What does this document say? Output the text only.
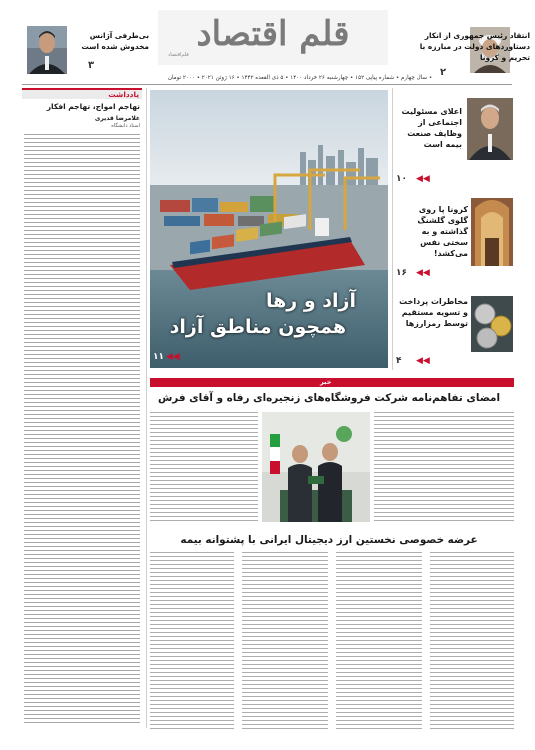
انتقاد رئیس جمهوری از انکار دستاوردهای دولت در مبارزه با تحریم و کرونا
۲
قلم اقتصاد
قلم‌اقتصاد
بی‌طرفی آژانس مخدوش شده است
۳
• سال چهارم • شماره پیاپی ۱۵۲ • چهارشنبه ۲۶ خرداد ۱۴۰۰ • ۵ ذی القعده ۱۴۴۲ • ۱۶ ژوئن ۲۰۲۱ • ۲۰۰۰ تومان
یادداشت
تهاجم امواج، تهاجم افکار
غلامرضا قدیری
استاد دانشگاه
آزاد و رها
همچون مناطق آزاد
◀◀
۱۱
اعلای مسئولیت اجتماعی از وظایف صنعت بیمه است
◀◀
۱۰
کرونا پا روی گلوی گلشنگ گذاشته و به سختی نفس می‌کشد!
◀◀
۱۶
مخاطرات پرداخت و تسویه مستقیم توسط رمزارزها
◀◀
۴
خبر
امضای تفاهم‌نامه شرکت فروشگاه‌های زنجیره‌ای رفاه و آقای فرش
عرضه خصوصی نخستین ارز دیجیتال ایرانی با پشتوانه بیمه
